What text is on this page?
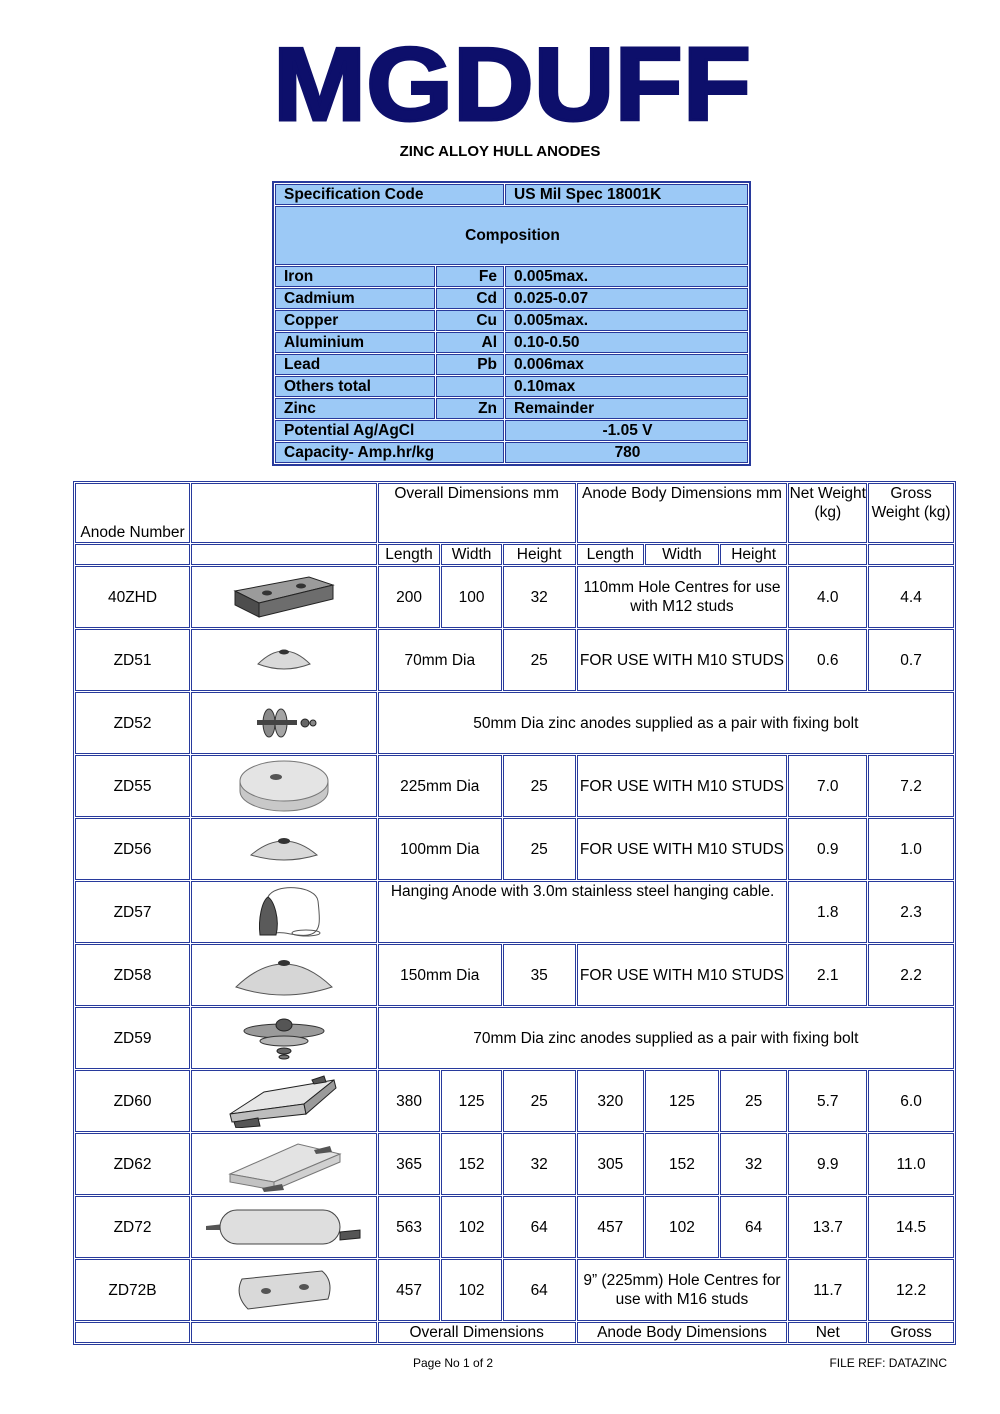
MGDUFF
ZINC ALLOY HULL ANODES
Specification Code		US Mil Spec 18001K
Composition		
Iron	Fe	0.005max.
Cadmium	Cd	0.025-0.07
Copper	Cu	0.005max.
Aluminium	Al	0.10-0.50
Lead	Pb	0.006max
Others total		0.10max
Zinc	Zn	Remainder
Potential Ag/AgCl		-1.05 V
Capacity- Amp.hr/kg		780
Anode Number		Overall Dimensions mm			Anode Body Dimensions mm			Net Weight (kg)	Gross Weight (kg)
		Length	Width	Height	Length	Width	Height		
40ZHD		200	100	32	110mm Hole Centres for use with M12 studs			4.0	4.4
ZD51		70mm Dia		25	FOR USE WITH M10 STUDS			0.6	0.7
ZD52		50mm Dia zinc anodes supplied as a pair with fixing bolt							
ZD55		225mm Dia		25	FOR USE WITH M10 STUDS			7.0	7.2
ZD56		100mm Dia		25	FOR USE WITH M10 STUDS			0.9	1.0
ZD57		Hanging Anode with 3.0m stainless steel hanging cable.						1.8	2.3
ZD58		150mm Dia		35	FOR USE WITH M10 STUDS			2.1	2.2
ZD59		70mm Dia zinc anodes supplied as a pair with fixing bolt							
ZD60		380	125	25	320	125	25	5.7	6.0
ZD62		365	152	32	305	152	32	9.9	11.0
ZD72		563	102	64	457	102	64	13.7	14.5
ZD72B		457	102	64	9” (225mm) Hole Centres for use with M16 studs			11.7	12.2
		Overall Dimensions			Anode Body Dimensions			Net	Gross
Page No 1 of 2	FILE REF: DATAZINC
